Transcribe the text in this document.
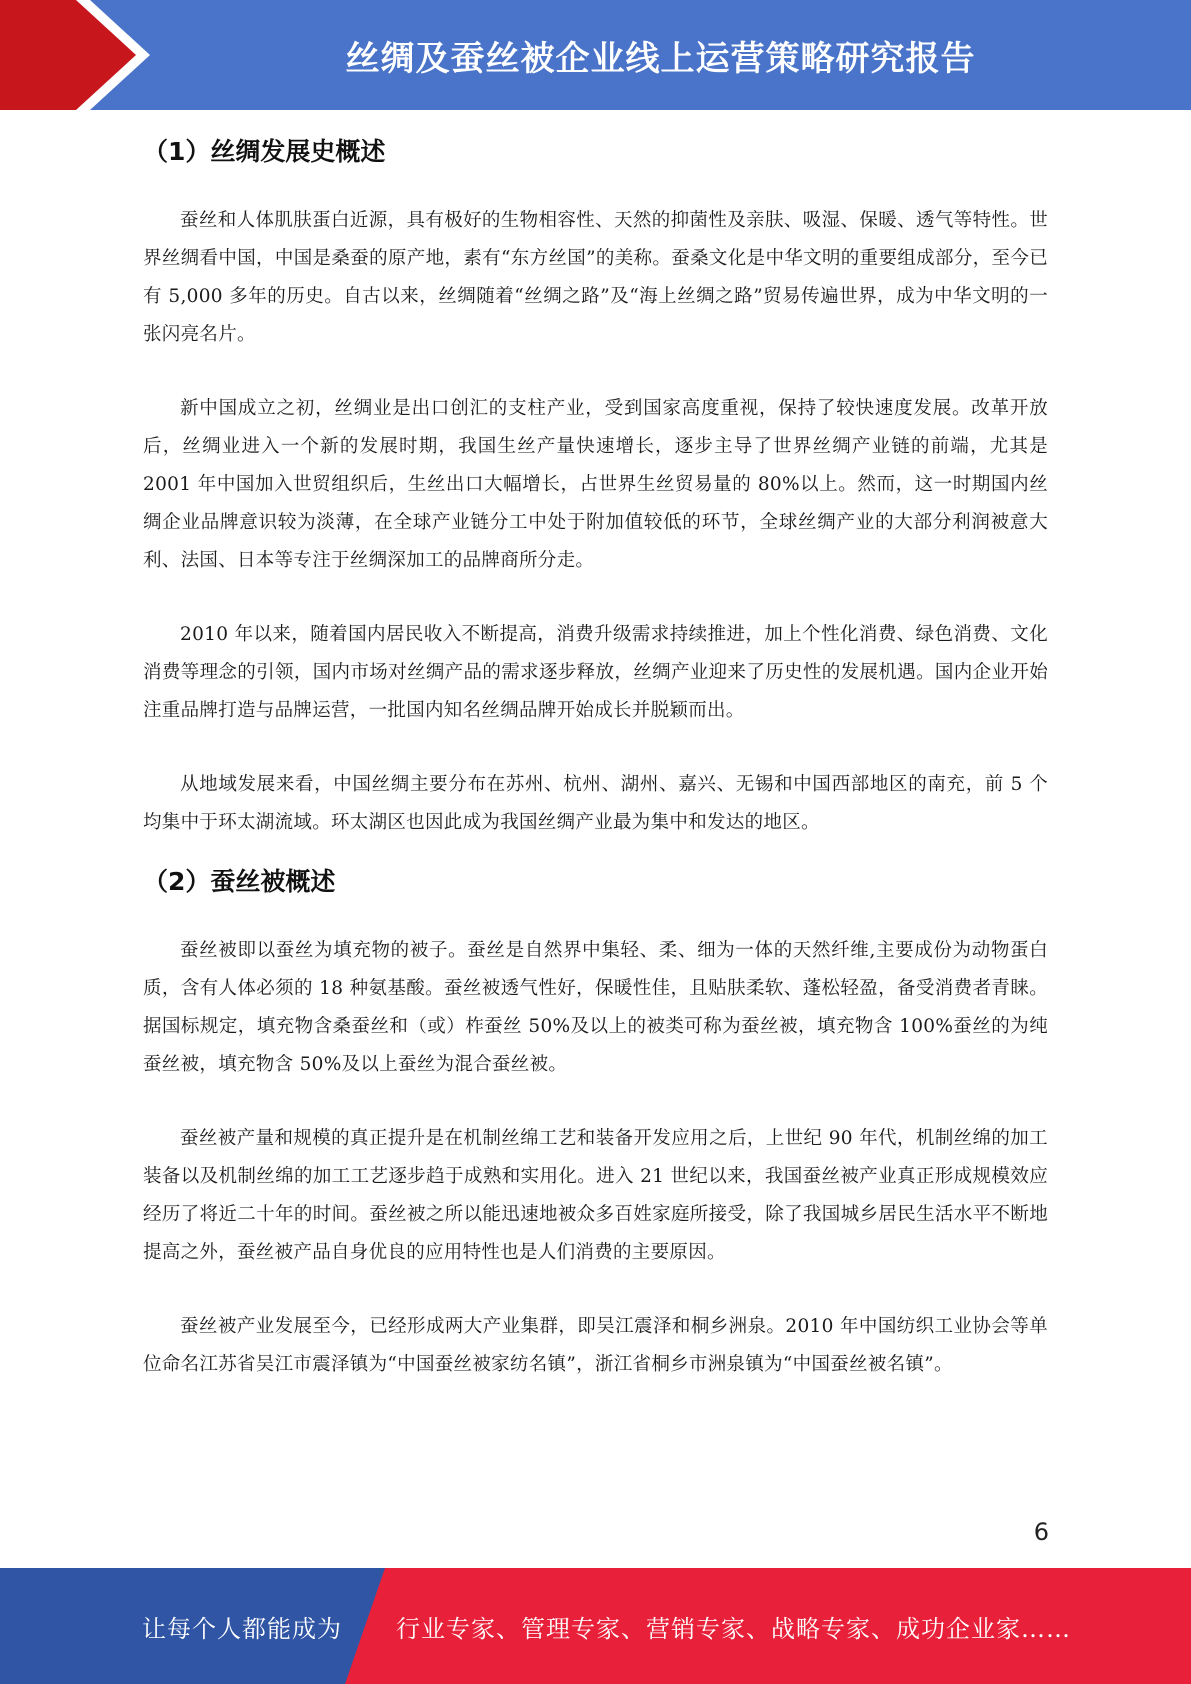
丝绸及蚕丝被企业线上运营策略研究报告
（1）丝绸发展史概述

蚕丝和人体肌肤蛋白近源，具有极好的生物相容性、天然的抑菌性及亲肤、吸湿、保暖、透气等特性。世界丝绸看中国，中国是桑蚕的原产地，素有“东方丝国”的美称。蚕桑文化是中华文明的重要组成部分，至今已有 5,000 多年的历史。自古以来，丝绸随着“丝绸之路”及“海上丝绸之路”贸易传遍世界，成为中华文明的一张闪亮名片。

新中国成立之初，丝绸业是出口创汇的支柱产业，受到国家高度重视，保持了较快速度发展。改革开放后，丝绸业进入一个新的发展时期，我国生丝产量快速增长，逐步主导了世界丝绸产业链的前端，尤其是 2001 年中国加入世贸组织后，生丝出口大幅增长，占世界生丝贸易量的 80%以上。然而，这一时期国内丝绸企业品牌意识较为淡薄，在全球产业链分工中处于附加值较低的环节，全球丝绸产业的大部分利润被意大利、法国、日本等专注于丝绸深加工的品牌商所分走。

2010 年以来，随着国内居民收入不断提高，消费升级需求持续推进，加上个性化消费、绿色消费、文化消费等理念的引领，国内市场对丝绸产品的需求逐步释放，丝绸产业迎来了历史性的发展机遇。国内企业开始注重品牌打造与品牌运营，一批国内知名丝绸品牌开始成长并脱颖而出。

从地域发展来看，中国丝绸主要分布在苏州、杭州、湖州、嘉兴、无锡和中国西部地区的南充，前 5 个均集中于环太湖流域。环太湖区也因此成为我国丝绸产业最为集中和发达的地区。

（2）蚕丝被概述

蚕丝被即以蚕丝为填充物的被子。蚕丝是自然界中集轻、柔、细为一体的天然纤维,主要成份为动物蛋白质，含有人体必须的 18 种氨基酸。蚕丝被透气性好，保暖性佳，且贴肤柔软、蓬松轻盈，备受消费者青睐。据国标规定，填充物含桑蚕丝和（或）柞蚕丝 50%及以上的被类可称为蚕丝被，填充物含 100%蚕丝的为纯蚕丝被，填充物含 50%及以上蚕丝为混合蚕丝被。

蚕丝被产量和规模的真正提升是在机制丝绵工艺和装备开发应用之后，上世纪 90 年代，机制丝绵的加工装备以及机制丝绵的加工工艺逐步趋于成熟和实用化。进入 21 世纪以来，我国蚕丝被产业真正形成规模效应经历了将近二十年的时间。蚕丝被之所以能迅速地被众多百姓家庭所接受，除了我国城乡居民生活水平不断地提高之外，蚕丝被产品自身优良的应用特性也是人们消费的主要原因。

蚕丝被产业发展至今，已经形成两大产业集群，即吴江震泽和桐乡洲泉。2010 年中国纺织工业协会等单位命名江苏省吴江市震泽镇为“中国蚕丝被家纺名镇”，浙江省桐乡市洲泉镇为“中国蚕丝被名镇”。

6
让每个人都能成为 行业专家、管理专家、营销专家、战略专家、成功企业家……
